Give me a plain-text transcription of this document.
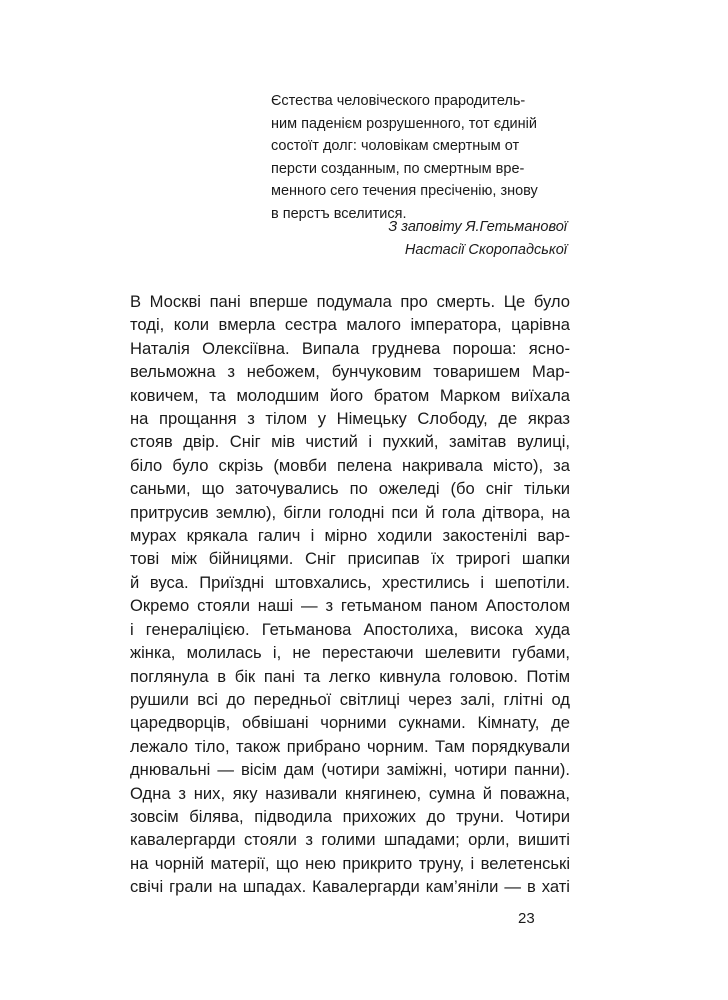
Єстества человіческого прародитель-
ним паденієм розрушенного, тот єдиній
состоїт долг: чоловікам смертным от
персти созданным, по смертным вре-
менного сего течения пресіченію, знову
в перстъ вселитися.
З заповіту Я.Гетьманової
Настасії Скоропадської
В Москві пані вперше подумала про смерть. Це було
тоді, коли вмерла сестра малого імператора, царівна
Наталія Олексіївна. Випала груднева пороша: ясно-
вельможна з небожем, бунчуковим товаришем Мар-
ковичем, та молодшим його братом Марком виїхала
на прощання з тілом у Німецьку Слободу, де якраз
стояв двір. Сніг мів чистий і пухкий, замітав вулиці,
біло було скрізь (мовби пелена накривала місто), за
саньми, що заточувались по ожеледі (бо сніг тільки
притрусив землю), бігли голодні пси й гола дітвора, на
мурах крякала галич і мірно ходили закостенілі вар-
тові між бійницями. Сніг присипав їх трирогі шапки
й вуса. Приїздні штовхались, хрестились і шепотіли.
Окремо стояли наші — з гетьманом паном Апостолом
і генераліцією. Гетьманова Апостолиха, висока худа
жінка, молилась і, не перестаючи шелевити губами,
поглянула в бік пані та легко кивнула головою. Потім
рушили всі до передньої світлиці через залі, глітні од
царедворців, обвішані чорними сукнами. Кімнату, де
лежало тіло, також прибрано чорним. Там порядкували
днювальні — вісім дам (чотири заміжні, чотири панни).
Одна з них, яку називали княгинею, сумна й поважна,
зовсім білява, підводила прихожих до труни. Чотири
кавалергарди стояли з голими шпадами; орли, вишиті
на чорній матерії, що нею прикрито труну, і велетенські
свічі грали на шпадах. Кавалергарди кам’яніли — в хаті
23
